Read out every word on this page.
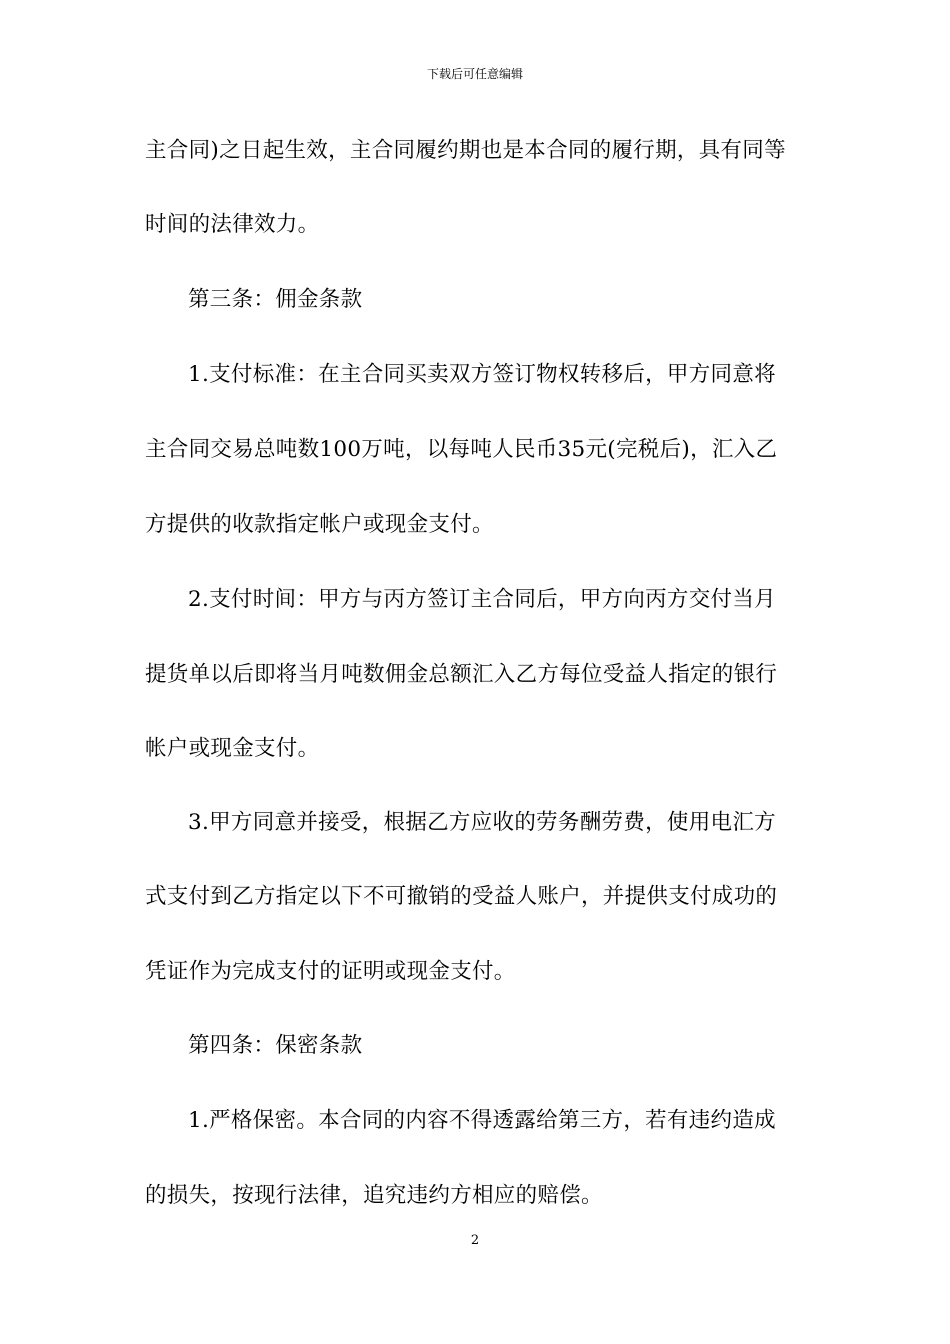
下载后可任意编辑
主合同)之日起生效，主合同履约期也是本合同的履行期，具有同等
时间的法律效力。
第三条：佣金条款
1.支付标准：在主合同买卖双方签订物权转移后，甲方同意将
主合同交易总吨数100万吨，以每吨人民币35元(完税后)，汇入乙
方提供的收款指定帐户或现金支付。
2.支付时间：甲方与丙方签订主合同后，甲方向丙方交付当月
提货单以后即将当月吨数佣金总额汇入乙方每位受益人指定的银行
帐户或现金支付。
3.甲方同意并接受，根据乙方应收的劳务酬劳费，使用电汇方
式支付到乙方指定以下不可撤销的受益人账户，并提供支付成功的
凭证作为完成支付的证明或现金支付。
第四条：保密条款
1.严格保密。本合同的内容不得透露给第三方，若有违约造成
的损失，按现行法律，追究违约方相应的赔偿。
2
